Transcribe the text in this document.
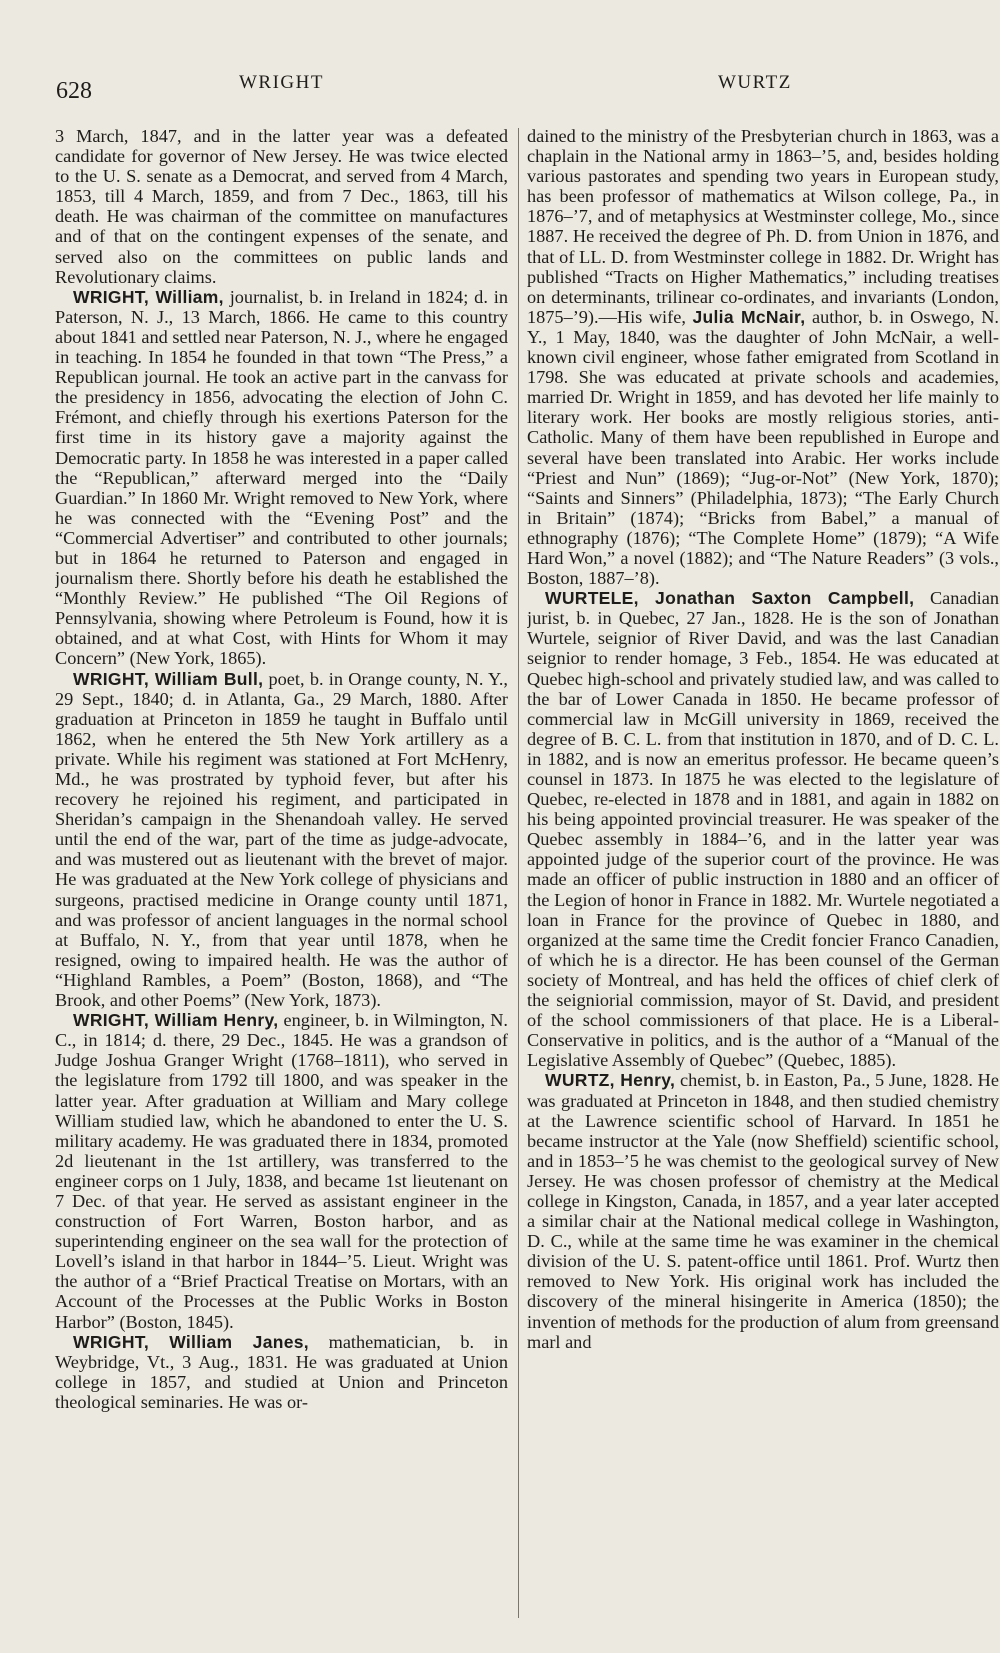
628	WRIGHT	WURTZ

3 March, 1847, and in the latter year was a defeated candidate for governor of New Jersey. He was twice elected to the U. S. senate as a Democrat, and served from 4 March, 1853, till 4 March, 1859, and from 7 Dec., 1863, till his death. He was chairman of the committee on manufactures and of that on the contingent expenses of the senate, and served also on the committees on public lands and Revolutionary claims.

WRIGHT, William, journalist, b. in Ireland in 1824; d. in Paterson, N. J., 13 March, 1866. He came to this country about 1841 and settled near Paterson, N. J., where he engaged in teaching. In 1854 he founded in that town “The Press,” a Republican journal. He took an active part in the canvass for the presidency in 1856, advocating the election of John C. Frémont, and chiefly through his exertions Paterson for the first time in its history gave a majority against the Democratic party. In 1858 he was interested in a paper called the “Republican,” afterward merged into the “Daily Guardian.” In 1860 Mr. Wright removed to New York, where he was connected with the “Evening Post” and the “Commercial Advertiser” and contributed to other journals; but in 1864 he returned to Paterson and engaged in journalism there. Shortly before his death he established the “Monthly Review.” He published “The Oil Regions of Pennsylvania, showing where Petroleum is Found, how it is obtained, and at what Cost, with Hints for Whom it may Concern” (New York, 1865).

WRIGHT, William Bull, poet, b. in Orange county, N. Y., 29 Sept., 1840; d. in Atlanta, Ga., 29 March, 1880. After graduation at Princeton in 1859 he taught in Buffalo until 1862, when he entered the 5th New York artillery as a private. While his regiment was stationed at Fort McHenry, Md., he was prostrated by typhoid fever, but after his recovery he rejoined his regiment, and participated in Sheridan’s campaign in the Shenandoah valley. He served until the end of the war, part of the time as judge-advocate, and was mustered out as lieutenant with the brevet of major. He was graduated at the New York college of physicians and surgeons, practised medicine in Orange county until 1871, and was professor of ancient languages in the normal school at Buffalo, N. Y., from that year until 1878, when he resigned, owing to impaired health. He was the author of “Highland Rambles, a Poem” (Boston, 1868), and “The Brook, and other Poems” (New York, 1873).

WRIGHT, William Henry, engineer, b. in Wilmington, N. C., in 1814; d. there, 29 Dec., 1845. He was a grandson of Judge Joshua Granger Wright (1768–1811), who served in the legislature from 1792 till 1800, and was speaker in the latter year. After graduation at William and Mary college William studied law, which he abandoned to enter the U. S. military academy. He was graduated there in 1834, promoted 2d lieutenant in the 1st artillery, was transferred to the engineer corps on 1 July, 1838, and became 1st lieutenant on 7 Dec. of that year. He served as assistant engineer in the construction of Fort Warren, Boston harbor, and as superintending engineer on the sea wall for the protection of Lovell’s island in that harbor in 1844–’5. Lieut. Wright was the author of a “Brief Practical Treatise on Mortars, with an Account of the Processes at the Public Works in Boston Harbor” (Boston, 1845).

WRIGHT, William Janes, mathematician, b. in Weybridge, Vt., 3 Aug., 1831. He was graduated at Union college in 1857, and studied at Union and Princeton theological seminaries. He was or-

dained to the ministry of the Presbyterian church in 1863, was a chaplain in the National army in 1863–’5, and, besides holding various pastorates and spending two years in European study, has been professor of mathematics at Wilson college, Pa., in 1876–’7, and of metaphysics at Westminster college, Mo., since 1887. He received the degree of Ph. D. from Union in 1876, and that of LL. D. from Westminster college in 1882. Dr. Wright has published “Tracts on Higher Mathematics,” including treatises on determinants, trilinear co-ordinates, and invariants (London, 1875–’9).—His wife, Julia McNair, author, b. in Oswego, N. Y., 1 May, 1840, was the daughter of John McNair, a well-known civil engineer, whose father emigrated from Scotland in 1798. She was educated at private schools and academies, married Dr. Wright in 1859, and has devoted her life mainly to literary work. Her books are mostly religious stories, anti-Catholic. Many of them have been republished in Europe and several have been translated into Arabic. Her works include “Priest and Nun” (1869); “Jug-or-Not” (New York, 1870); “Saints and Sinners” (Philadelphia, 1873); “The Early Church in Britain” (1874); “Bricks from Babel,” a manual of ethnography (1876); “The Complete Home” (1879); “A Wife Hard Won,” a novel (1882); and “The Nature Readers” (3 vols., Boston, 1887–’8).

WURTELE, Jonathan Saxton Campbell, Canadian jurist, b. in Quebec, 27 Jan., 1828. He is the son of Jonathan Wurtele, seignior of River David, and was the last Canadian seignior to render homage, 3 Feb., 1854. He was educated at Quebec high-school and privately studied law, and was called to the bar of Lower Canada in 1850. He became professor of commercial law in McGill university in 1869, received the degree of B. C. L. from that institution in 1870, and of D. C. L. in 1882, and is now an emeritus professor. He became queen’s counsel in 1873. In 1875 he was elected to the legislature of Quebec, re-elected in 1878 and in 1881, and again in 1882 on his being appointed provincial treasurer. He was speaker of the Quebec assembly in 1884–’6, and in the latter year was appointed judge of the superior court of the province. He was made an officer of public instruction in 1880 and an officer of the Legion of honor in France in 1882. Mr. Wurtele negotiated a loan in France for the province of Quebec in 1880, and organized at the same time the Credit foncier Franco Canadien, of which he is a director. He has been counsel of the German society of Montreal, and has held the offices of chief clerk of the seigniorial commission, mayor of St. David, and president of the school commissioners of that place. He is a Liberal-Conservative in politics, and is the author of a “Manual of the Legislative Assembly of Quebec” (Quebec, 1885).

WURTZ, Henry, chemist, b. in Easton, Pa., 5 June, 1828. He was graduated at Princeton in 1848, and then studied chemistry at the Lawrence scientific school of Harvard. In 1851 he became instructor at the Yale (now Sheffield) scientific school, and in 1853–’5 he was chemist to the geological survey of New Jersey. He was chosen professor of chemistry at the Medical college in Kingston, Canada, in 1857, and a year later accepted a similar chair at the National medical college in Washington, D. C., while at the same time he was examiner in the chemical division of the U. S. patent-office until 1861. Prof. Wurtz then removed to New York. His original work has included the discovery of the mineral hisingerite in America (1850); the invention of methods for the production of alum from greensand marl and
